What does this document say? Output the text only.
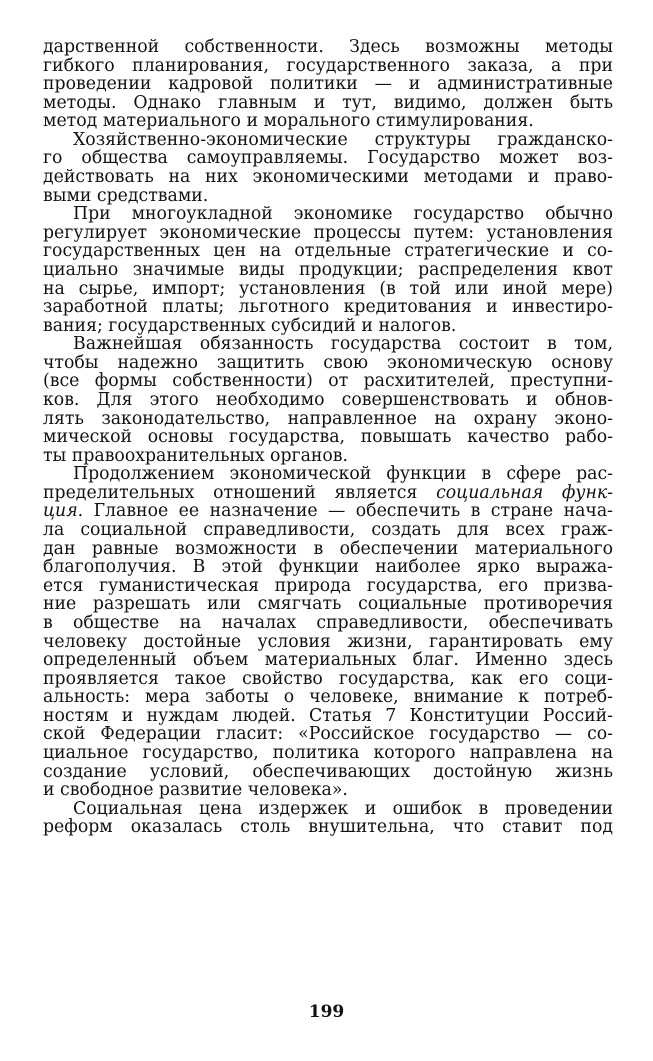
дарственной собственности. Здесь возможны методы
гибкого планирования, государственного заказа, а при
проведении кадровой политики — и административные
методы. Однако главным и тут, видимо, должен быть
метод материального и морального стимулирования.
Хозяйственно-экономические структуры гражданско-
го общества самоуправляемы. Государство может воз-
действовать на них экономическими методами и право-
выми средствами.
При многоукладной экономике государство обычно
регулирует экономические процессы путем: установления
государственных цен на отдельные стратегические и со-
циально значимые виды продукции; распределения квот
на сырье, импорт; установления (в той или иной мере)
заработной платы; льготного кредитования и инвестиро-
вания; государственных субсидий и налогов.
Важнейшая обязанность государства состоит в том,
чтобы надежно защитить свою экономическую основу
(все формы собственности) от расхитителей, преступни-
ков. Для этого необходимо совершенствовать и обнов-
лять законодательство, направленное на охрану эконо-
мической основы государства, повышать качество рабо-
ты правоохранительных органов.
Продолжением экономической функции в сфере рас-
пределительных отношений является социальная функ-
ция. Главное ее назначение — обеспечить в стране нача-
ла социальной справедливости, создать для всех граж-
дан равные возможности в обеспечении материального
благополучия. В этой функции наиболее ярко выража-
ется гуманистическая природа государства, его призва-
ние разрешать или смягчать социальные противоречия
в обществе на началах справедливости, обеспечивать
человеку достойные условия жизни, гарантировать ему
определенный объем материальных благ. Именно здесь
проявляется такое свойство государства, как его соци-
альность: мера заботы о человеке, внимание к потреб-
ностям и нуждам людей. Статья 7 Конституции Россий-
ской Федерации гласит: «Российское государство — со-
циальное государство, политика которого направлена на
создание условий, обеспечивающих достойную жизнь
и свободное развитие человека».
Социальная цена издержек и ошибок в проведении
реформ оказалась столь внушительна, что ставит под
199
